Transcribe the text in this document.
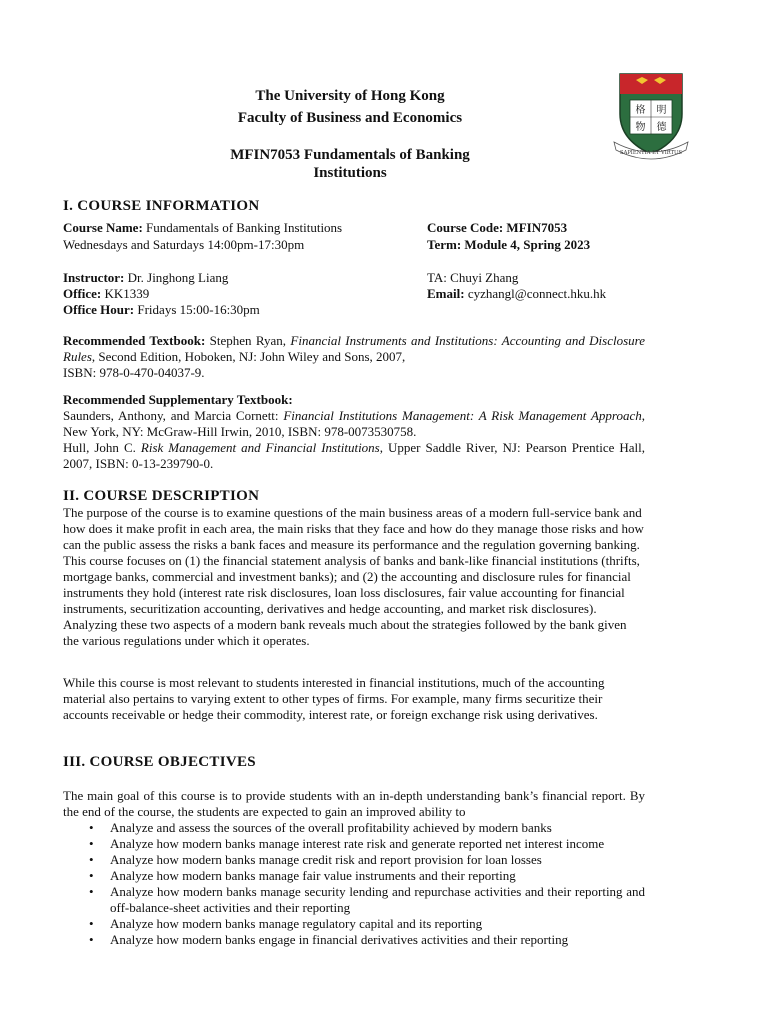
The University of Hong Kong
Faculty of Business and Economics
MFIN7053 Fundamentals of Banking
Institutions
格 明
物 德
SAPIENTIA ET VIRTUS
I. COURSE INFORMATION
Course Name: Fundamentals of Banking Institutions	Course Code: MFIN7053
Wednesdays and Saturdays 14:00pm-17:30pm	Term: Module 4, Spring 2023
Instructor: Dr. Jinghong Liang	TA: Chuyi Zhang
Office: KK1339	Email: cyzhangl@connect.hku.hk
Office Hour: Fridays 15:00-16:30pm
Recommended Textbook: Stephen Ryan, Financial Instruments and Institutions: Accounting and Disclosure Rules, Second Edition, Hoboken, NJ: John Wiley and Sons, 2007,
ISBN: 978-0-470-04037-9.
Recommended Supplementary Textbook:
Saunders, Anthony, and Marcia Cornett: Financial Institutions Management: A Risk Management Approach, New York, NY: McGraw-Hill Irwin, 2010, ISBN: 978-0073530758.
Hull, John C. Risk Management and Financial Institutions, Upper Saddle River, NJ: Pearson Prentice Hall, 2007, ISBN: 0-13-239790-0.
II. COURSE DESCRIPTION
The purpose of the course is to examine questions of the main business areas of a modern full-service bank and how does it make profit in each area, the main risks that they face and how do they manage those risks and how can the public assess the risks a bank faces and measure its performance and the regulation governing banking. This course focuses on (1) the financial statement analysis of banks and bank-like financial institutions (thrifts, mortgage banks, commercial and investment banks); and (2) the accounting and disclosure rules for financial instruments they hold (interest rate risk disclosures, loan loss disclosures, fair value accounting for financial instruments, securitization accounting, derivatives and hedge accounting, and market risk disclosures). Analyzing these two aspects of a modern bank reveals much about the strategies followed by the bank given the various regulations under which it operates.
While this course is most relevant to students interested in financial institutions, much of the accounting material also pertains to varying extent to other types of firms. For example, many firms securitize their accounts receivable or hedge their commodity, interest rate, or foreign exchange risk using derivatives.
III. COURSE OBJECTIVES
The main goal of this course is to provide students with an in-depth understanding bank’s financial report. By the end of the course, the students are expected to gain an improved ability to
• Analyze and assess the sources of the overall profitability achieved by modern banks
• Analyze how modern banks manage interest rate risk and generate reported net interest income
• Analyze how modern banks manage credit risk and report provision for loan losses
• Analyze how modern banks manage fair value instruments and their reporting
• Analyze how modern banks manage security lending and repurchase activities and their reporting and off-balance-sheet activities and their reporting
• Analyze how modern banks manage regulatory capital and its reporting
• Analyze how modern banks engage in financial derivatives activities and their reporting
